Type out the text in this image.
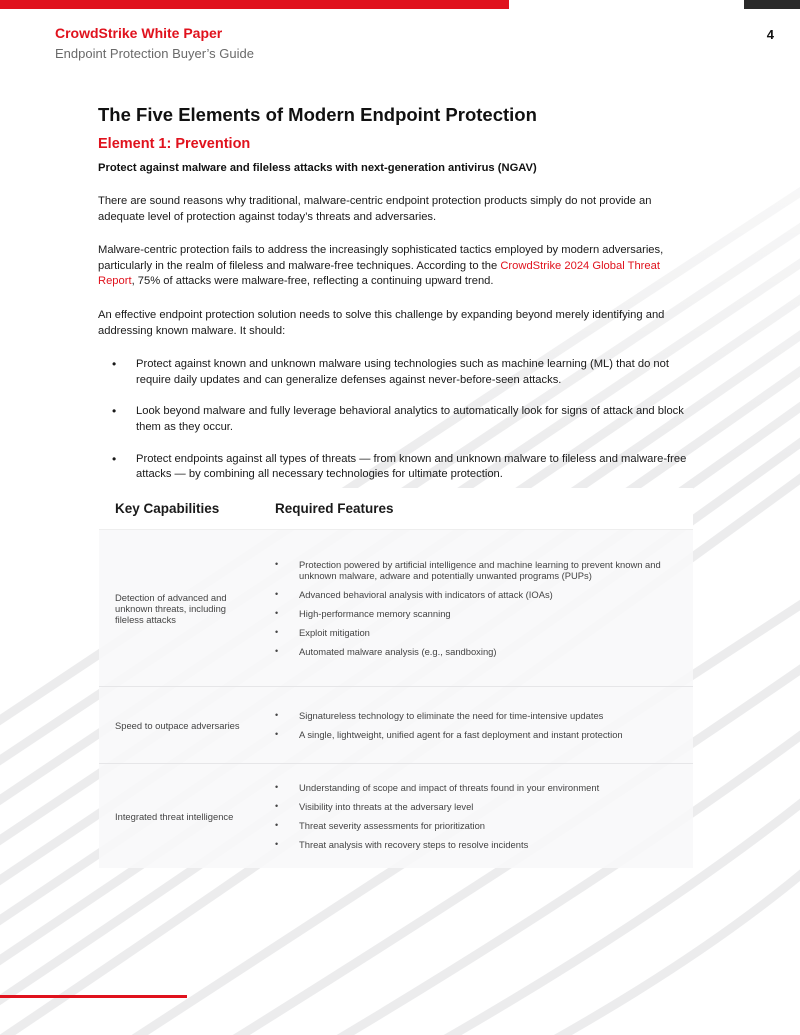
CrowdStrike White Paper
Endpoint Protection Buyer’s Guide
4
The Five Elements of Modern Endpoint Protection
Element 1: Prevention
Protect against malware and fileless attacks with next-generation antivirus (NGAV)

There are sound reasons why traditional, malware-centric endpoint protection products simply do not provide an adequate level of protection against today’s threats and adversaries.

Malware-centric protection fails to address the increasingly sophisticated tactics employed by modern adversaries, particularly in the realm of fileless and malware-free techniques. According to the CrowdStrike 2024 Global Threat Report, 75% of attacks were malware-free, reflecting a continuing upward trend.

An effective endpoint protection solution needs to solve this challenge by expanding beyond merely identifying and addressing known malware. It should:

• Protect against known and unknown malware using technologies such as machine learning (ML) that do not require daily updates and can generalize defenses against never-before-seen attacks.
• Look beyond malware and fully leverage behavioral analytics to automatically look for signs of attack and block them as they occur.
• Protect endpoints against all types of threats — from known and unknown malware to fileless and malware-free attacks — by combining all necessary technologies for ultimate protection.
Key Capabilities	Required Features
Detection of advanced and unknown threats, including fileless attacks
• Protection powered by artificial intelligence and machine learning to prevent known and unknown malware, adware and potentially unwanted programs (PUPs)
• Advanced behavioral analysis with indicators of attack (IOAs)
• High-performance memory scanning
• Exploit mitigation
• Automated malware analysis (e.g., sandboxing)
Speed to outpace adversaries
• Signatureless technology to eliminate the need for time-intensive updates
• A single, lightweight, unified agent for a fast deployment and instant protection
Integrated threat intelligence
• Understanding of scope and impact of threats found in your environment
• Visibility into threats at the adversary level
• Threat severity assessments for prioritization
• Threat analysis with recovery steps to resolve incidents
